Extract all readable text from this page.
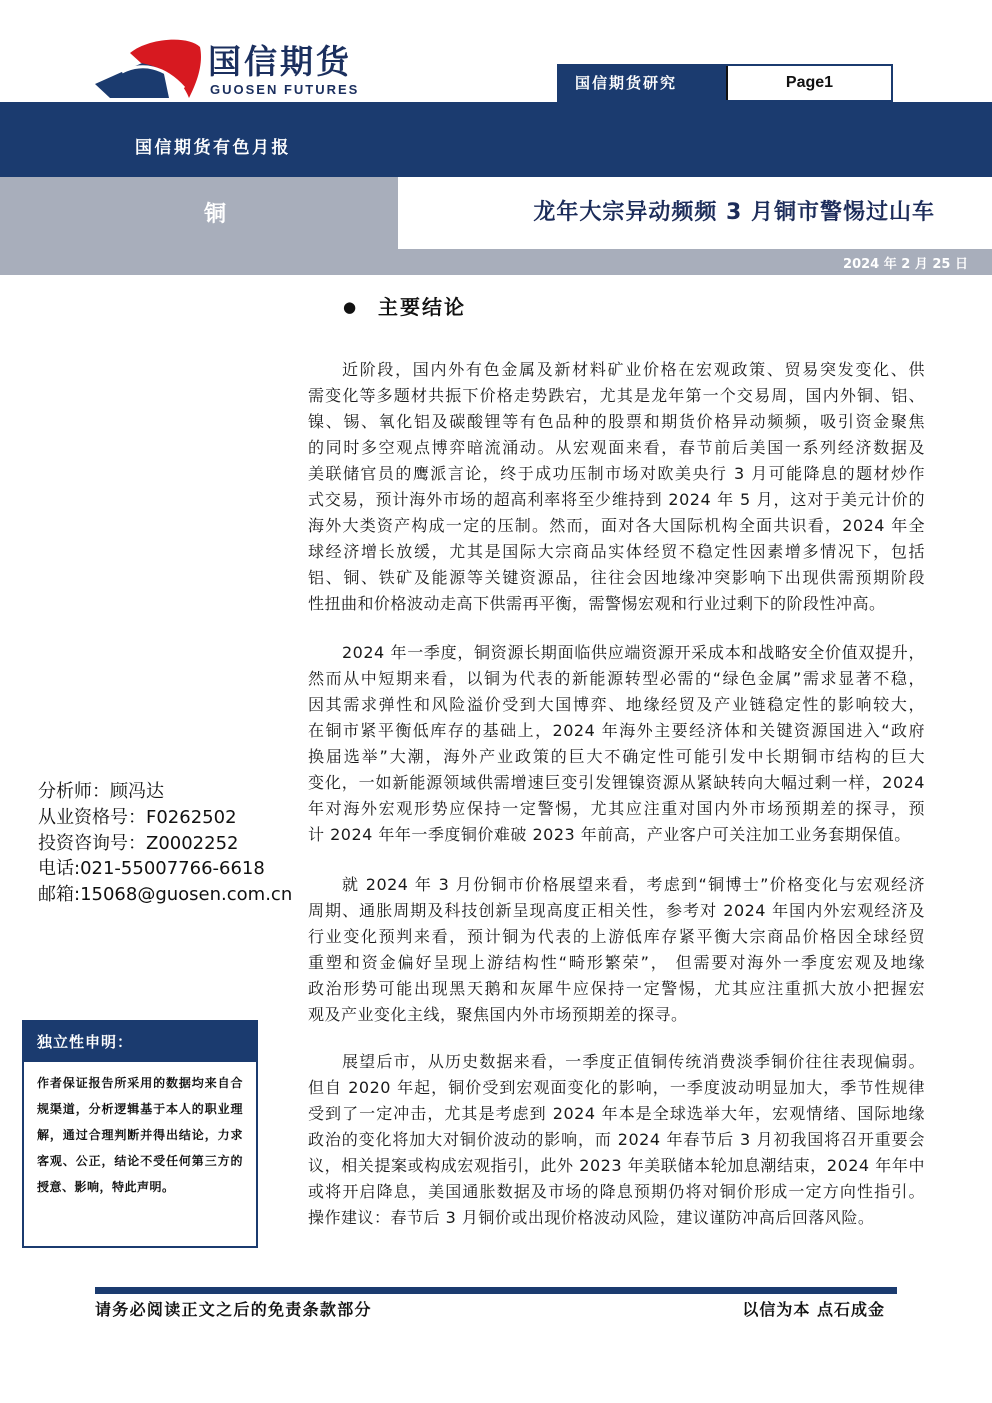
国信期货
GUOSEN FUTURES	国信期货研究	Page1
国信期货有色月报
铜	龙年大宗异动频频 3 月铜市警惕过山车
2024 年 2 月 25 日
● 主要结论
近阶段，国内外有色金属及新材料矿业价格在宏观政策、贸易突发变化、供
需变化等多题材共振下价格走势跌宕，尤其是龙年第一个交易周，国内外铜、铝、
镍、锡、氧化铝及碳酸锂等有色品种的股票和期货价格异动频频，吸引资金聚焦
的同时多空观点博弈暗流涌动。从宏观面来看，春节前后美国一系列经济数据及
美联储官员的鹰派言论，终于成功压制市场对欧美央行 3 月可能降息的题材炒作
式交易，预计海外市场的超高利率将至少维持到 2024 年 5 月，这对于美元计价的
海外大类资产构成一定的压制。然而，面对各大国际机构全面共识看，2024 年全
球经济增长放缓，尤其是国际大宗商品实体经贸不稳定性因素增多情况下，包括
铝、铜、铁矿及能源等关键资源品，往往会因地缘冲突影响下出现供需预期阶段
性扭曲和价格波动走高下供需再平衡，需警惕宏观和行业过剩下的阶段性冲高。
2024 年一季度，铜资源长期面临供应端资源开采成本和战略安全价值双提升，
然而从中短期来看，以铜为代表的新能源转型必需的“绿色金属”需求显著不稳，
因其需求弹性和风险溢价受到大国博弈、地缘经贸及产业链稳定性的影响较大，
在铜市紧平衡低库存的基础上，2024 年海外主要经济体和关键资源国进入“政府
换届选举”大潮，海外产业政策的巨大不确定性可能引发中长期铜市结构的巨大
变化，一如新能源领域供需增速巨变引发锂镍资源从紧缺转向大幅过剩一样，2024
年对海外宏观形势应保持一定警惕，尤其应注重对国内外市场预期差的探寻，预
计 2024 年年一季度铜价难破 2023 年前高，产业客户可关注加工业务套期保值。
就 2024 年 3 月份铜市价格展望来看，考虑到“铜博士”价格变化与宏观经济
周期、通胀周期及科技创新呈现高度正相关性，参考对 2024 年国内外宏观经济及
行业变化预判来看，预计铜为代表的上游低库存紧平衡大宗商品价格因全球经贸
重塑和资金偏好呈现上游结构性“畸形繁荣”， 但需要对海外一季度宏观及地缘
政治形势可能出现黑天鹅和灰犀牛应保持一定警惕，尤其应注重抓大放小把握宏
观及产业变化主线，聚焦国内外市场预期差的探寻。
展望后市，从历史数据来看，一季度正值铜传统消费淡季铜价往往表现偏弱。
但自 2020 年起，铜价受到宏观面变化的影响，一季度波动明显加大，季节性规律
受到了一定冲击，尤其是考虑到 2024 年本是全球选举大年，宏观情绪、国际地缘
政治的变化将加大对铜价波动的影响，而 2024 年春节后 3 月初我国将召开重要会
议，相关提案或构成宏观指引，此外 2023 年美联储本轮加息潮结束，2024 年年中
或将开启降息，美国通胀数据及市场的降息预期仍将对铜价形成一定方向性指引。
操作建议：春节后 3 月铜价或出现价格波动风险，建议谨防冲高后回落风险。
分析师：顾冯达
从业资格号：F0262502
投资咨询号：Z0002252
电话:021-55007766-6618
邮箱:15068@guosen.com.cn
独立性申明：
作者保证报告所采用的数据均来自合
规渠道，分析逻辑基于本人的职业理
解，通过合理判断并得出结论，力求
客观、公正，结论不受任何第三方的
授意、影响，特此声明。
请务必阅读正文之后的免责条款部分	以信为本 点石成金
